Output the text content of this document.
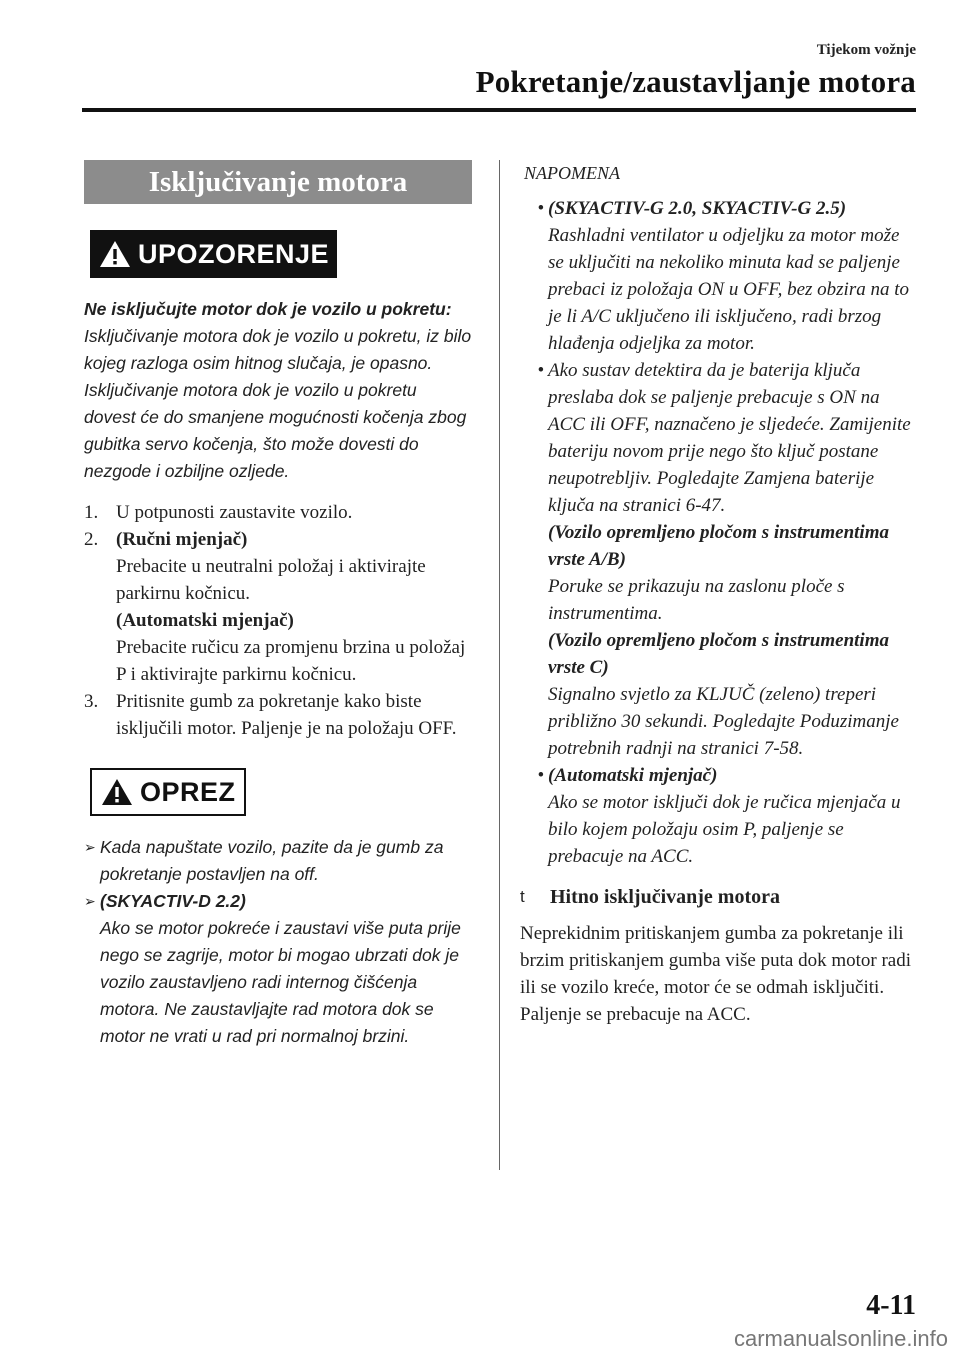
Tijekom vožnje
Pokretanje/zaustavljanje motora
Isključivanje motora
UPOZORENJE
Ne isključujte motor dok je vozilo u pokretu:
Isključivanje motora dok je vozilo u pokretu, iz bilo kojeg razloga osim hitnog slučaja, je opasno. Isključivanje motora dok je vozilo u pokretu dovest će do smanjene mogućnosti kočenja zbog gubitka servo kočenja, što može dovesti do nezgode i ozbiljne ozljede.
1. U potpunosti zaustavite vozilo.
2. (Ručni mjenjač)
Prebacite u neutralni položaj i aktivirajte parkirnu kočnicu.
(Automatski mjenjač)
Prebacite ručicu za promjenu brzina u položaj P i aktivirajte parkirnu kočnicu.
3. Pritisnite gumb za pokretanje kako biste isključili motor. Paljenje je na položaju OFF.
OPREZ
➢ Kada napuštate vozilo, pazite da je gumb za pokretanje postavljen na off.
➢ (SKYACTIV-D 2.2)
Ako se motor pokreće i zaustavi više puta prije nego se zagrije, motor bi mogao ubrzati dok je vozilo zaustavljeno radi internog čišćenja motora. Ne zaustavljajte rad motora dok se motor ne vrati u rad pri normalnoj brzini.
NAPOMENA
• (SKYACTIV-G 2.0, SKYACTIV-G 2.5)
Rashladni ventilator u odjeljku za motor može se uključiti na nekoliko minuta kad se paljenje prebaci iz položaja ON u OFF, bez obzira na to je li A/C uključeno ili isključeno, radi brzog hlađenja odjeljka za motor.
• Ako sustav detektira da je baterija ključa preslaba dok se paljenje prebacuje s ON na ACC ili OFF, naznačeno je sljedeće. Zamijenite bateriju novom prije nego što ključ postane neupotrebljiv. Pogledajte Zamjena baterije ključa na stranici 6-47.
(Vozilo opremljeno pločom s instrumentima vrste A/B)
Poruke se prikazuju na zaslonu ploče s instrumentima.
(Vozilo opremljeno pločom s instrumentima vrste C)
Signalno svjetlo za KLJUČ (zeleno) treperi približno 30 sekundi. Pogledajte Poduzimanje potrebnih radnji na stranici 7-58.
• (Automatski mjenjač)
Ako se motor isključi dok je ručica mjenjača u bilo kojem položaju osim P, paljenje se prebacuje na ACC.
t	Hitno isključivanje motora
Neprekidnim pritiskanjem gumba za pokretanje ili brzim pritiskanjem gumba više puta dok motor radi ili se vozilo kreće, motor će se odmah isključiti. Paljenje se prebacuje na ACC.
4-11
carmanualsonline.info
